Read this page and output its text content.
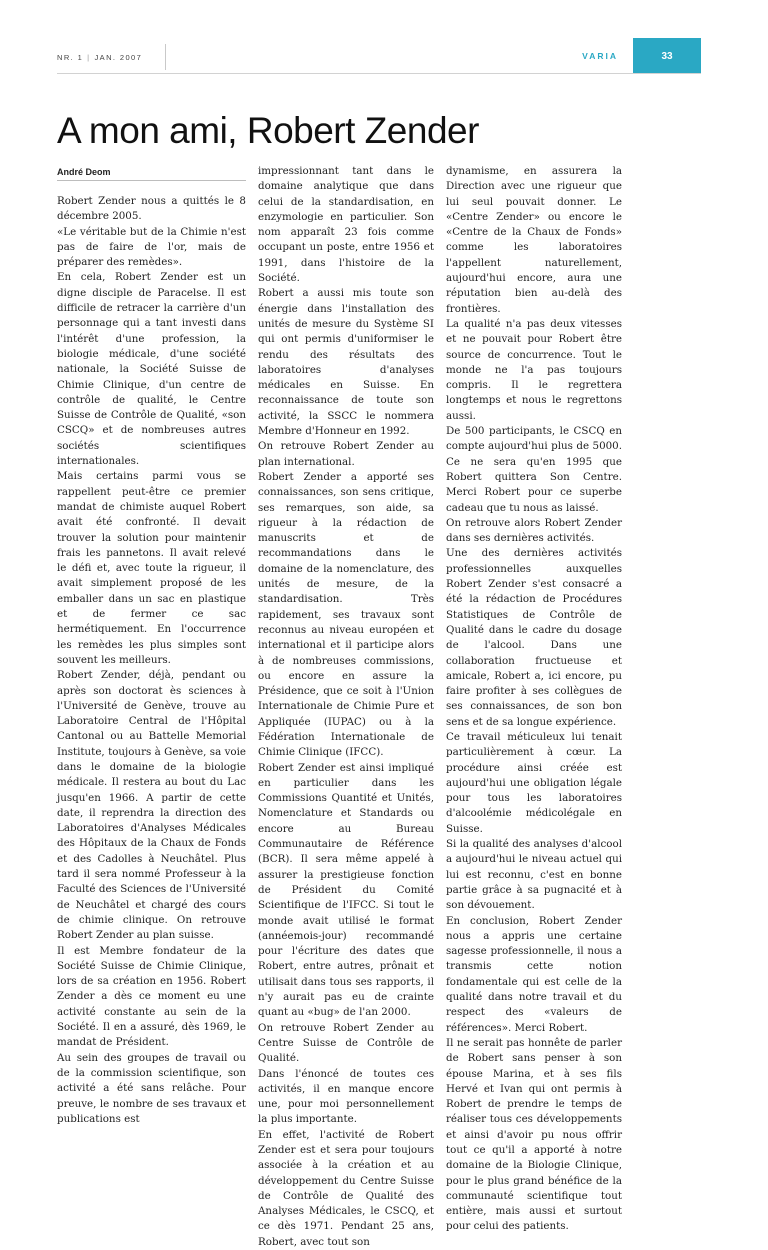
NR. 1 | JAN. 2007	VARIA	33
A mon ami, Robert Zender
André Deom

Robert Zender nous a quittés le 8 décembre 2005.

«Le véritable but de la Chimie n'est pas de faire de l'or, mais de préparer des remèdes».

En cela, Robert Zender est un digne disciple de Paracelse. Il est difficile de retracer la carrière d'un personnage qui a tant investi dans l'intérêt d'une profession, la biologie médicale, d'une société nationale, la Société Suisse de Chimie Clinique, d'un centre de contrôle de qualité, le Centre Suisse de Contrôle de Qualité, «son CSCQ» et de nombreuses autres sociétés scientifiques internationales.

Mais certains parmi vous se rappellent peut-être ce premier mandat de chimiste auquel Robert avait été confronté. Il devait trouver la solution pour maintenir frais les pannetons. Il avait relevé le défi et, avec toute la rigueur, il avait simplement proposé de les emballer dans un sac en plastique et de fermer ce sac hermétiquement. En l'occurrence les remèdes les plus simples sont souvent les meilleurs.

Robert Zender, déjà, pendant ou après son doctorat ès sciences à l'Université de Genève, trouve au Laboratoire Central de l'Hôpital Cantonal ou au Battelle Memorial Institute, toujours à Genève, sa voie dans le domaine de la biologie médicale. Il restera au bout du Lac jusqu'en 1966. A partir de cette date, il reprendra la direction des Laboratoires d'Analyses Médicales des Hôpitaux de la Chaux de Fonds et des Cadolles à Neuchâtel. Plus tard il sera nommé Professeur à la Faculté des Sciences de l'Université de Neuchâtel et chargé des cours de chimie clinique. On retrouve Robert Zender au plan suisse.

Il est Membre fondateur de la Société Suisse de Chimie Clinique, lors de sa création en 1956. Robert Zender a dès ce moment eu une activité constante au sein de la Société. Il en a assuré, dès 1969, le mandat de Président.

Au sein des groupes de travail ou de la commission scientifique, son activité a été sans relâche. Pour preuve, le nombre de ses travaux et publications est

impressionnant tant dans le domaine analytique que dans celui de la standardisation, en enzymologie en particulier. Son nom apparaît 23 fois comme occupant un poste, entre 1956 et 1991, dans l'histoire de la Société.

Robert a aussi mis toute son énergie dans l'installation des unités de mesure du Système SI qui ont permis d'uniformiser le rendu des résultats des laboratoires d'analyses médicales en Suisse. En reconnaissance de toute son activité, la SSCC le nommera Membre d'Honneur en 1992.

On retrouve Robert Zender au plan international.

Robert Zender a apporté ses connaissances, son sens critique, ses remarques, son aide, sa rigueur à la rédaction de manuscrits et de recommandations dans le domaine de la nomenclature, des unités de mesure, de la standardisation. Très rapidement, ses travaux sont reconnus au niveau européen et international et il participe alors à de nombreuses commissions, ou encore en assure la Présidence, que ce soit à l'Union Internationale de Chimie Pure et Appliquée (IUPAC) ou à la Fédération Internationale de Chimie Clinique (IFCC).

Robert Zender est ainsi impliqué en particulier dans les Commissions Quantité et Unités, Nomenclature et Standards ou encore au Bureau Communautaire de Référence (BCR). Il sera même appelé à assurer la prestigieuse fonction de Président du Comité Scientifique de l'IFCC. Si tout le monde avait utilisé le format (annéemois-jour) recommandé pour l'écriture des dates que Robert, entre autres, prônait et utilisait dans tous ses rapports, il n'y aurait pas eu de crainte quant au «bug» de l'an 2000.

On retrouve Robert Zender au Centre Suisse de Contrôle de Qualité.

Dans l'énoncé de toutes ces activités, il en manque encore une, pour moi personnellement la plus importante.

En effet, l'activité de Robert Zender est et sera pour toujours associée à la création et au développement du Centre Suisse de Contrôle de Qualité des Analyses Médicales, le CSCQ, et ce dès 1971. Pendant 25 ans, Robert, avec tout son

dynamisme, en assurera la Direction avec une rigueur que lui seul pouvait donner. Le «Centre Zender» ou encore le «Centre de la Chaux de Fonds» comme les laboratoires l'appellent naturellement, aujourd'hui encore, aura une réputation bien au-delà des frontières.

La qualité n'a pas deux vitesses et ne pouvait pour Robert être source de concurrence. Tout le monde ne l'a pas toujours compris. Il le regrettera longtemps et nous le regrettons aussi.

De 500 participants, le CSCQ en compte aujourd'hui plus de 5000. Ce ne sera qu'en 1995 que Robert quittera Son Centre. Merci Robert pour ce superbe cadeau que tu nous as laissé.

On retrouve alors Robert Zender dans ses dernières activités.

Une des dernières activités professionnelles auxquelles Robert Zender s'est consacré a été la rédaction de Procédures Statistiques de Contrôle de Qualité dans le cadre du dosage de l'alcool. Dans une collaboration fructueuse et amicale, Robert a, ici encore, pu faire profiter à ses collègues de ses connaissances, de son bon sens et de sa longue expérience.

Ce travail méticuleux lui tenait particulièrement à cœur. La procédure ainsi créée est aujourd'hui une obligation légale pour tous les laboratoires d'alcoolémie médicolégale en Suisse.

Si la qualité des analyses d'alcool a aujourd'hui le niveau actuel qui lui est reconnu, c'est en bonne partie grâce à sa pugnacité et à son dévouement.

En conclusion, Robert Zender nous a appris une certaine sagesse professionnelle, il nous a transmis cette notion fondamentale qui est celle de la qualité dans notre travail et du respect des «valeurs de références». Merci Robert.

Il ne serait pas honnête de parler de Robert sans penser à son épouse Marina, et à ses fils Hervé et Ivan qui ont permis à Robert de prendre le temps de réaliser tous ces développements et ainsi d'avoir pu nous offrir tout ce qu'il a apporté à notre domaine de la Biologie Clinique, pour le plus grand bénéfice de la communauté scientifique tout entière, mais aussi et surtout pour celui des patients.
